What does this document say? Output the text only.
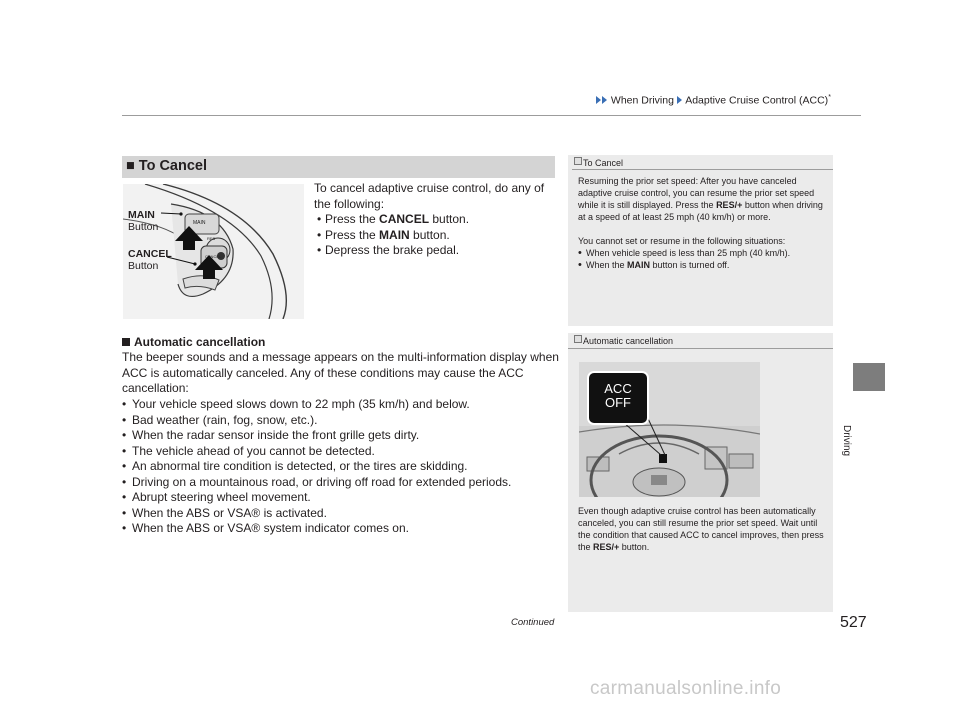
When Driving Adaptive Cruise Control (ACC)*
Driving
■ To Cancel
MAIN
RES
CANCEL
MAIN
Button
CANCEL
Button
To cancel adaptive cruise control, do any of the following:
• Press the CANCEL button.
• Press the MAIN button.
• Depress the brake pedal.
Automatic cancellation
The beeper sounds and a message appears on the multi-information display when ACC is automatically canceled. Any of these conditions may cause the ACC cancellation:
• Your vehicle speed slows down to 22 mph (35 km/h) and below.
• Bad weather (rain, fog, snow, etc.).
• When the radar sensor inside the front grille gets dirty.
• The vehicle ahead of you cannot be detected.
• An abnormal tire condition is detected, or the tires are skidding.
• Driving on a mountainous road, or driving off road for extended periods.
• Abrupt steering wheel movement.
• When the ABS or VSA® is activated.
• When the ABS or VSA® system indicator comes on.
To Cancel
Resuming the prior set speed: After you have canceled adaptive cruise control, you can resume the prior set speed while it is still displayed. Press the RES/+ button when driving at a speed of at least 25 mph (40 km/h) or more.
You cannot set or resume in the following situations:
• When vehicle speed is less than 25 mph (40 km/h).
• When the MAIN button is turned off.
Automatic cancellation
Even though adaptive cruise control has been automatically canceled, you can still resume the prior set speed. Wait until the condition that caused ACC to cancel improves, then press the RES/+ button.
ACC
OFF
Continued	527
carmanualsonline.info
